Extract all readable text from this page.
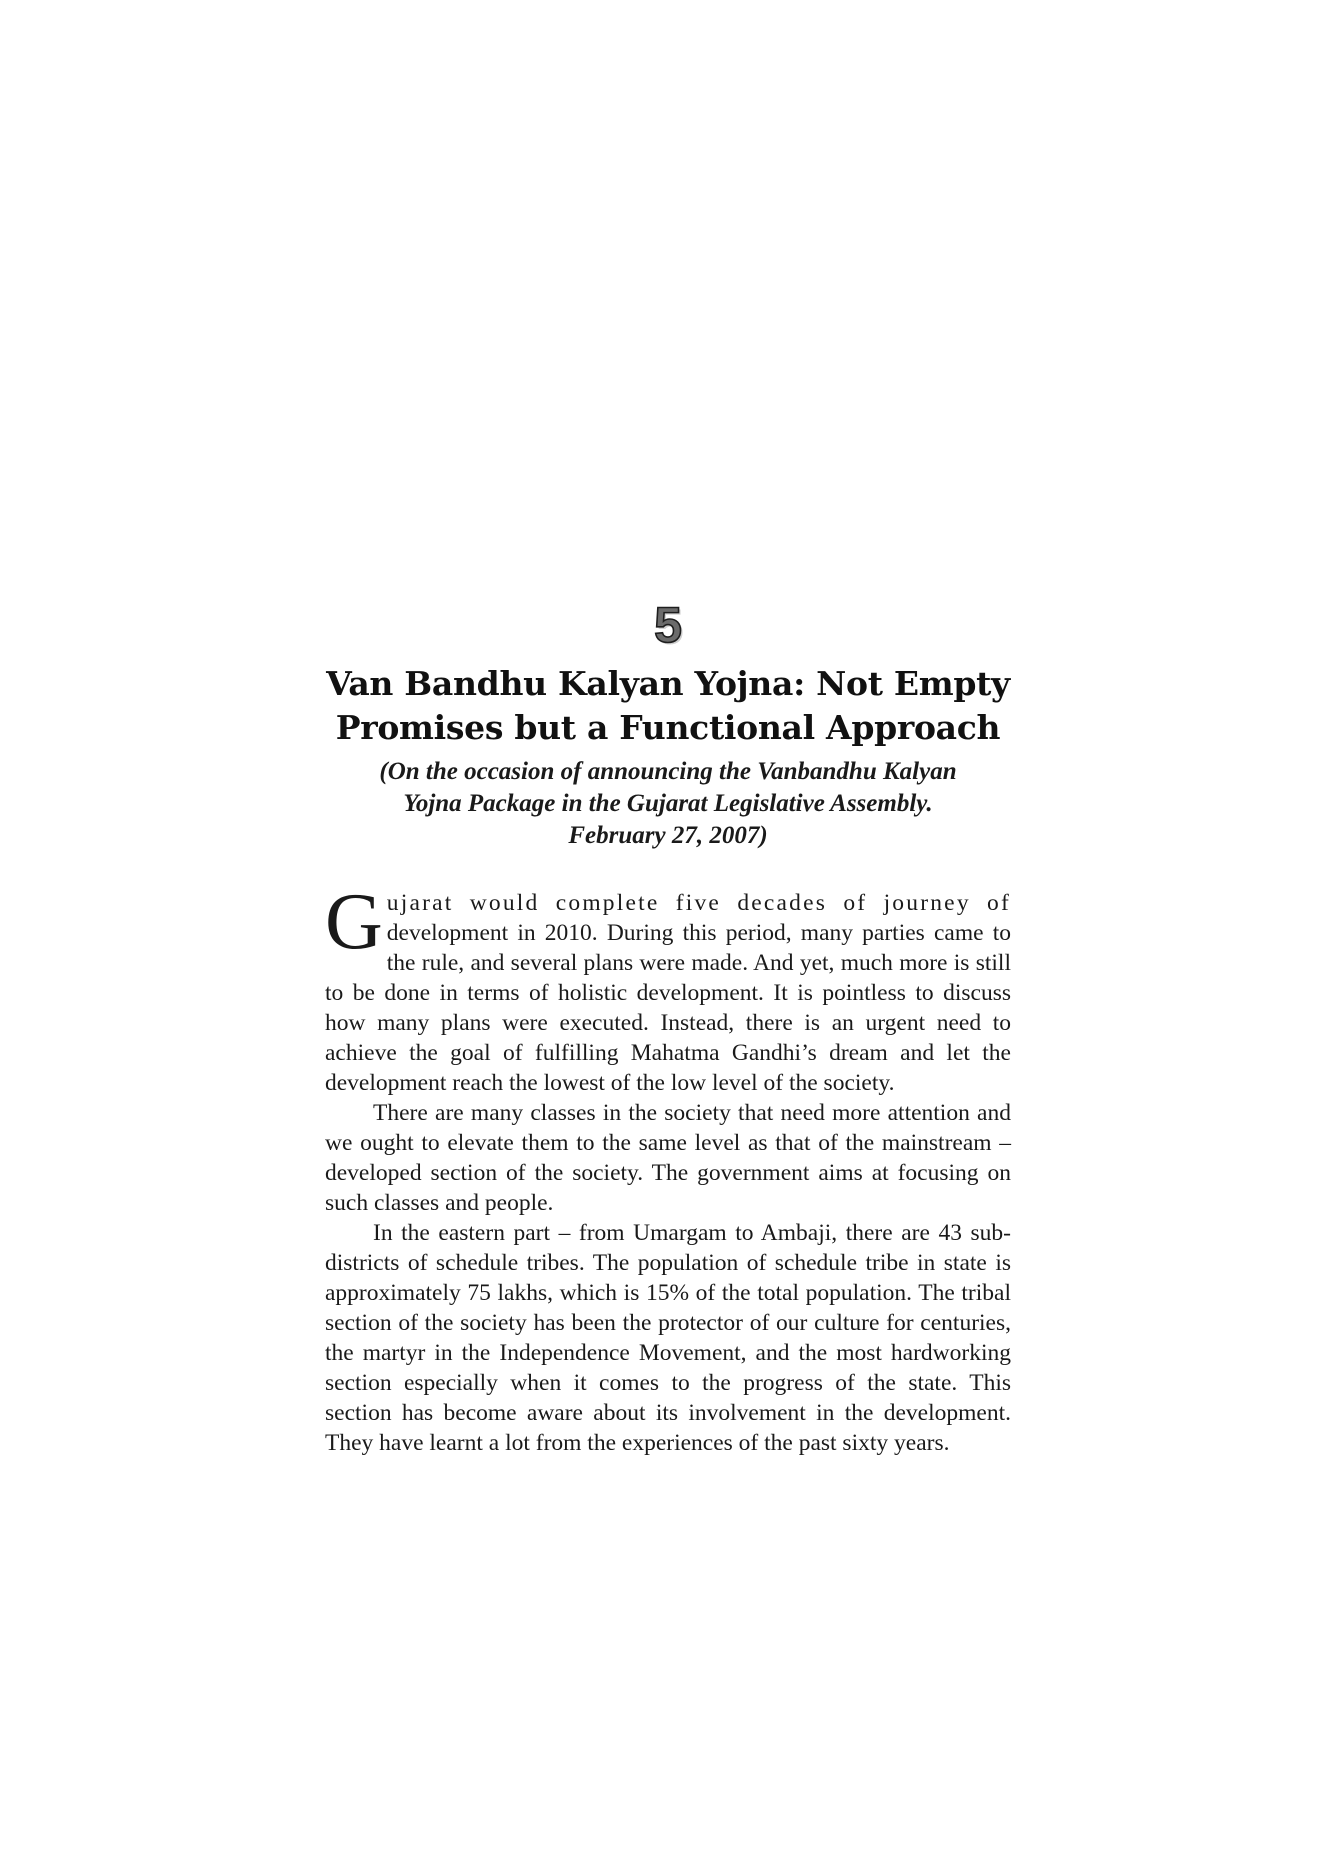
5
Van Bandhu Kalyan Yojna: Not Empty
Promises but a Functional Approach
(On the occasion of announcing the Vanbandhu Kalyan
Yojna Package in the Gujarat Legislative Assembly.
February 27, 2007)

G ujarat would complete five decades of journey of development in 2010. During this period, many parties came to the rule, and several plans were made. And yet, much more is still to be done in terms of holistic development. It is pointless to discuss how many plans were executed. Instead, there is an urgent need to achieve the goal of fulfilling Mahatma Gandhi’s dream and let the development reach the lowest of the low level of the society.

There are many classes in the society that need more attention and we ought to elevate them to the same level as that of the mainstream – developed section of the society. The government aims at focusing on such classes and people.

In the eastern part – from Umargam to Ambaji, there are 43 sub-districts of schedule tribes. The population of schedule tribe in state is approximately 75 lakhs, which is 15% of the total population. The tribal section of the society has been the protector of our culture for centuries, the martyr in the Independence Movement, and the most hardworking section especially when it comes to the progress of the state. This section has become aware about its involvement in the development. They have learnt a lot from the experiences of the past sixty years.
